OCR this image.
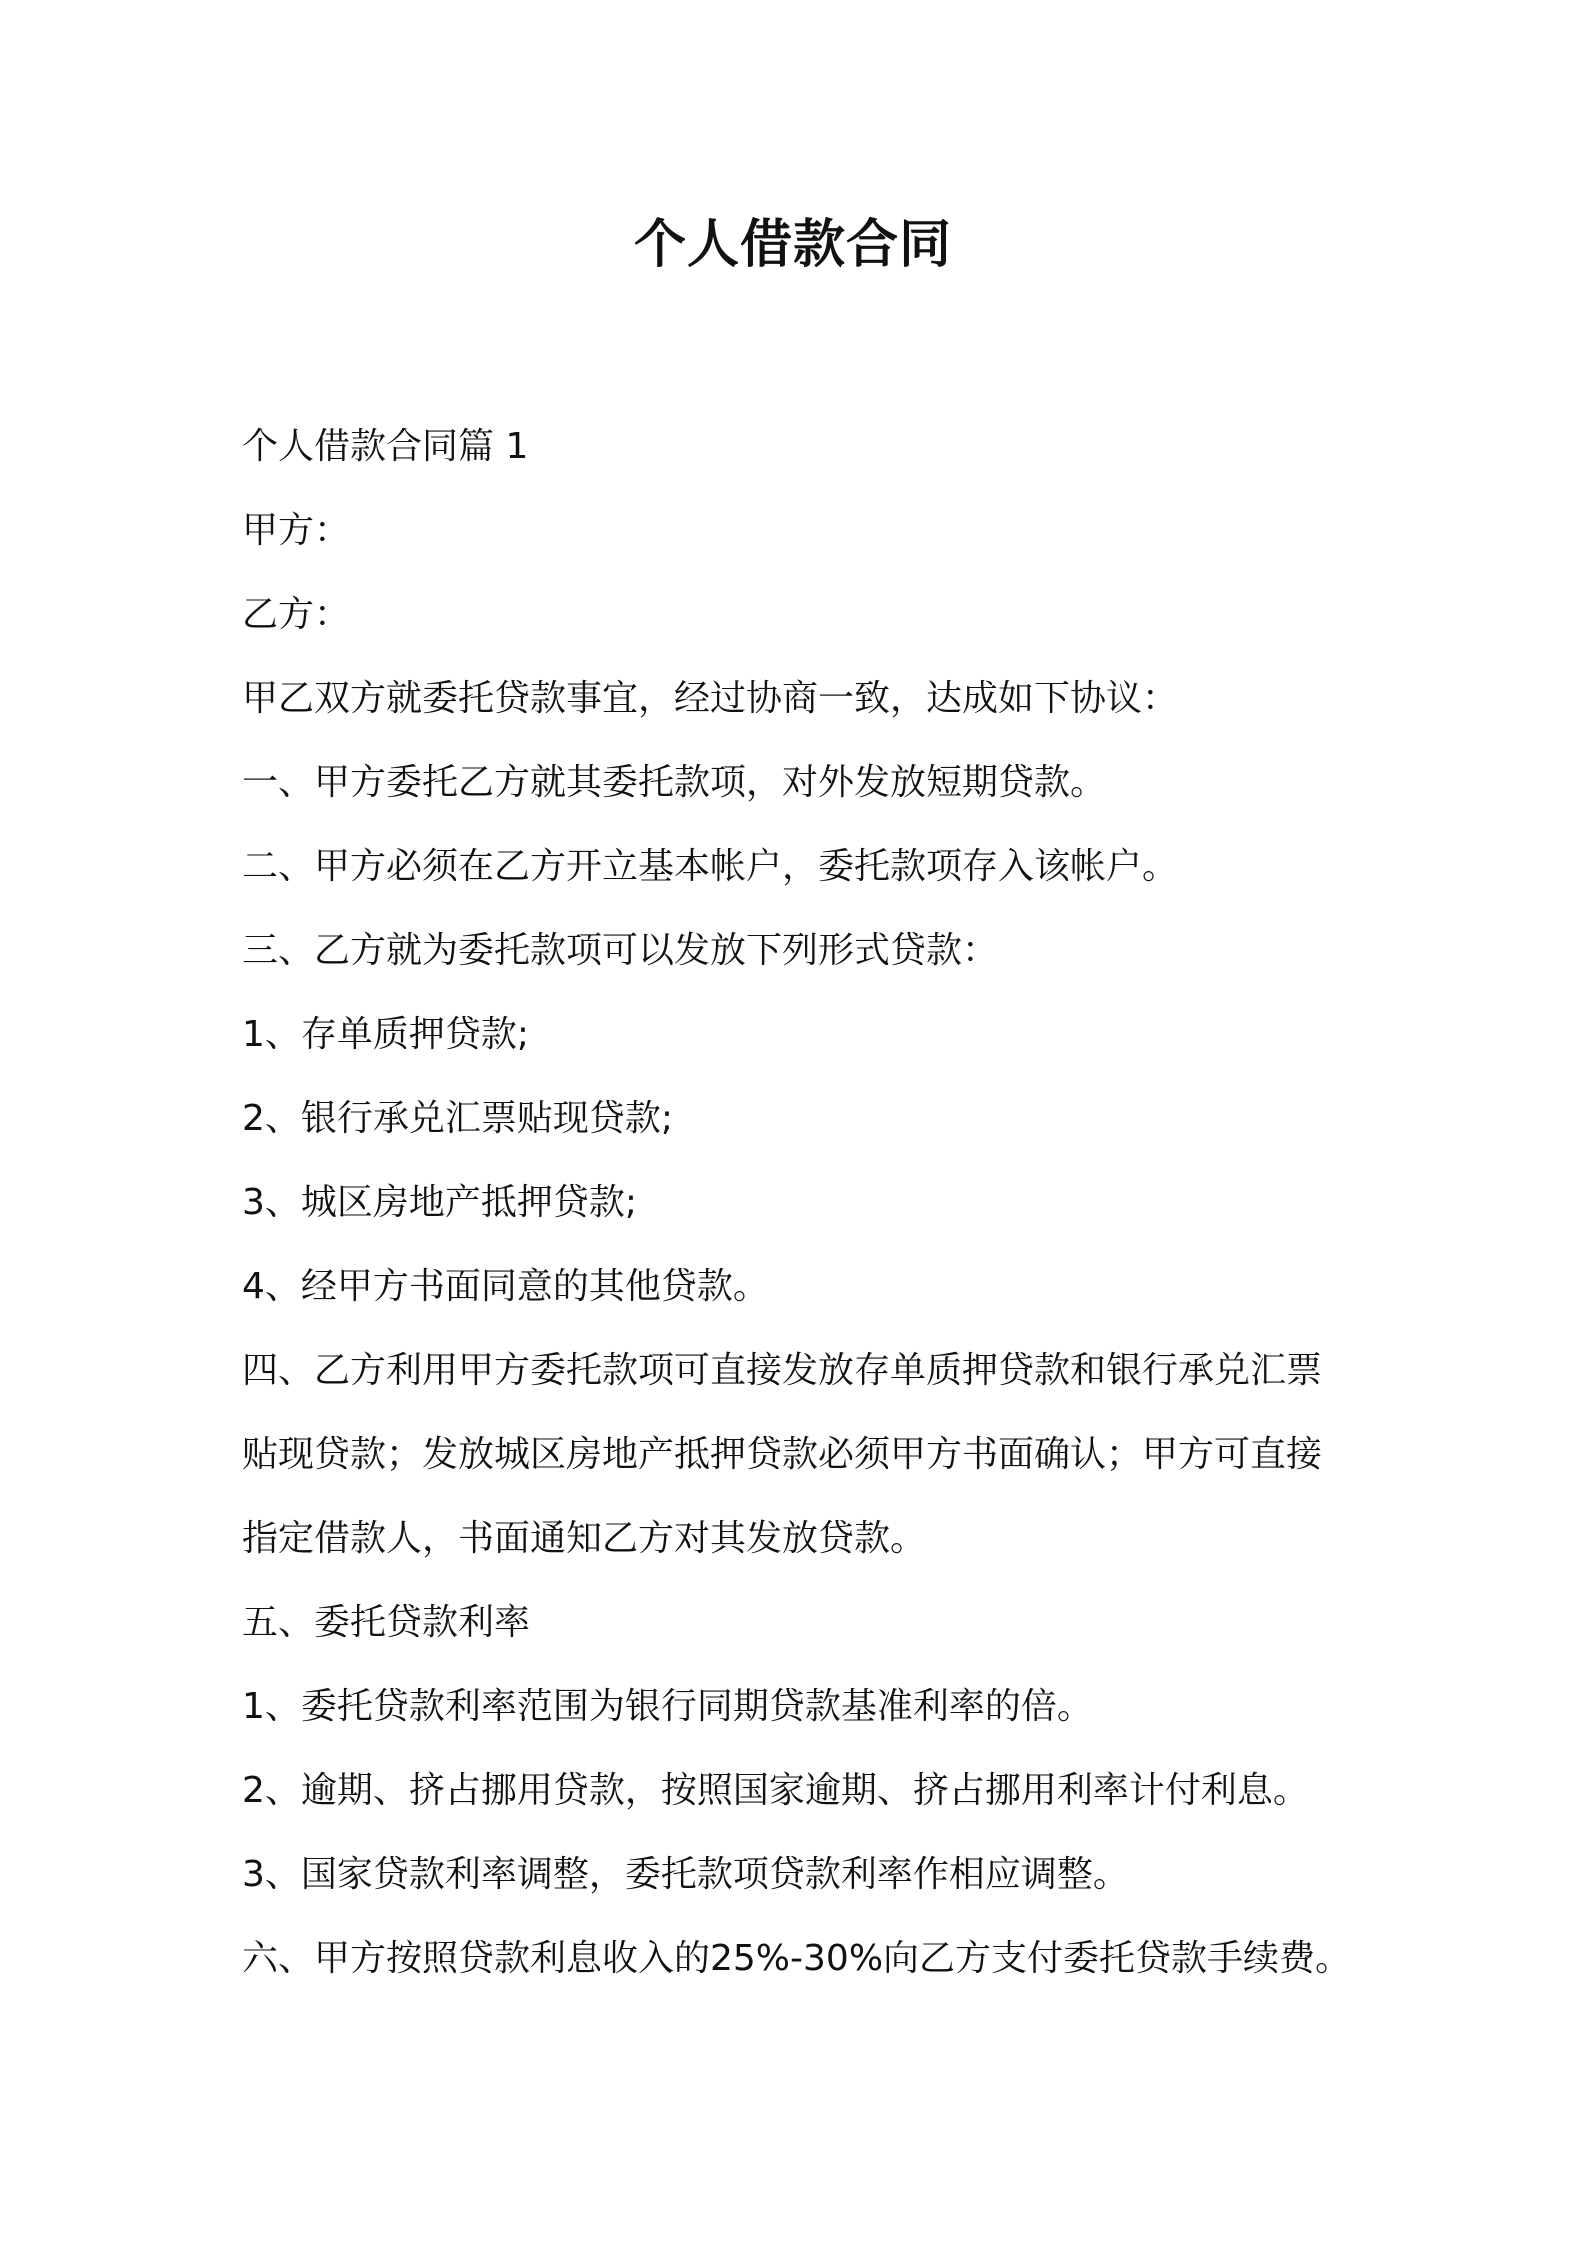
个人借款合同

个人借款合同篇 1

甲方：

乙方：

甲乙双方就委托贷款事宜，经过协商一致，达成如下协议：

一、甲方委托乙方就其委托款项，对外发放短期贷款。

二、甲方必须在乙方开立基本帐户，委托款项存入该帐户。

三、乙方就为委托款项可以发放下列形式贷款：

1、存单质押贷款;

2、银行承兑汇票贴现贷款;

3、城区房地产抵押贷款;

4、经甲方书面同意的其他贷款。

四、乙方利用甲方委托款项可直接发放存单质押贷款和银行承兑汇票
贴现贷款；发放城区房地产抵押贷款必须甲方书面确认；甲方可直接
指定借款人，书面通知乙方对其发放贷款。

五、委托贷款利率

1、委托贷款利率范围为银行同期贷款基准利率的倍。

2、逾期、挤占挪用贷款，按照国家逾期、挤占挪用利率计付利息。

3、国家贷款利率调整，委托款项贷款利率作相应调整。

六、甲方按照贷款利息收入的25%-30%向乙方支付委托贷款手续费。
